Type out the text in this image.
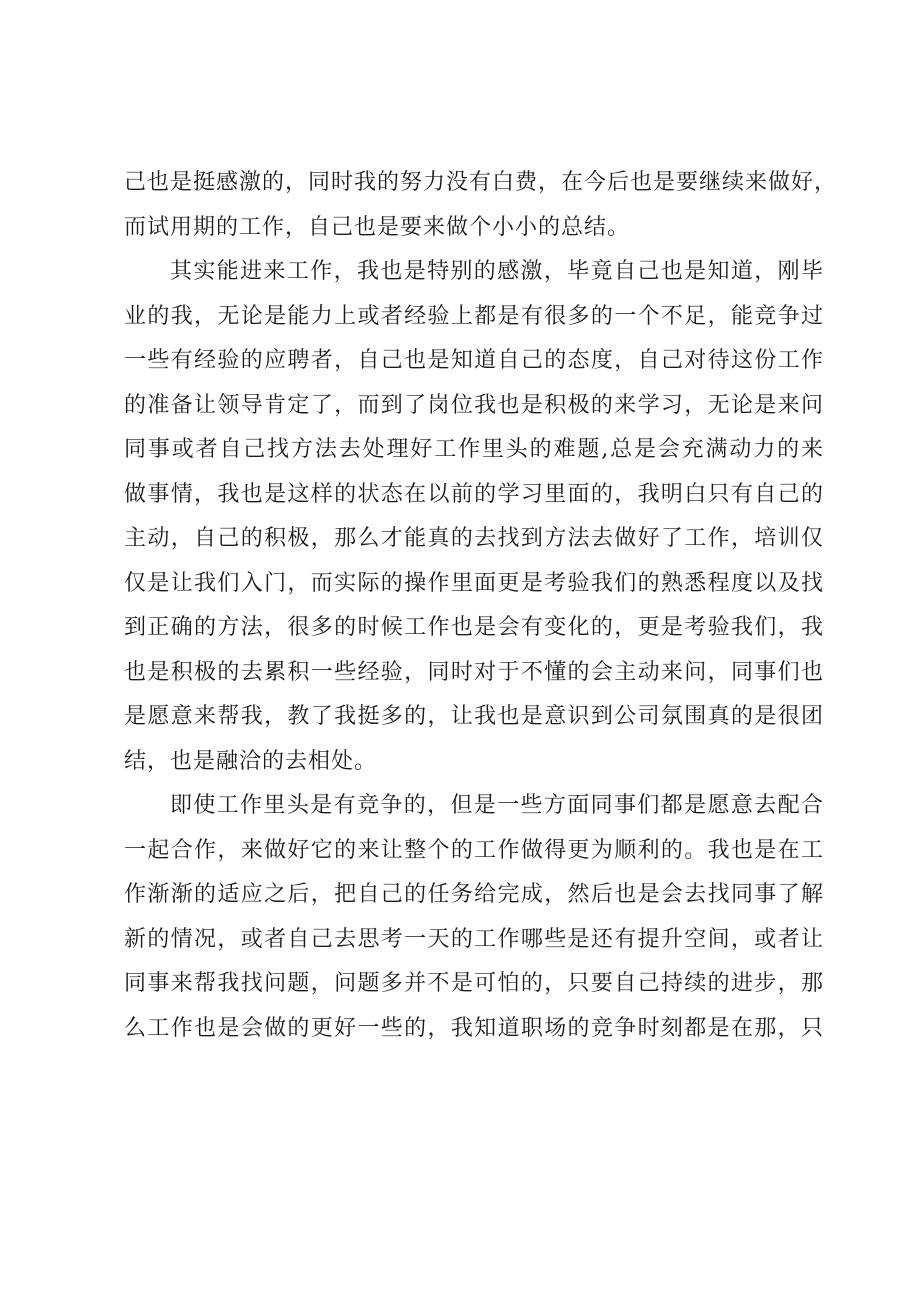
己也是挺感激的，同时我的努力没有白费，在今后也是要继续来做好，
而试用期的工作，自己也是要来做个小小的总结。
其实能进来工作，我也是特别的感激，毕竟自己也是知道，刚毕
业的我，无论是能力上或者经验上都是有很多的一个不足，能竞争过
一些有经验的应聘者，自己也是知道自己的态度，自己对待这份工作
的准备让领导肯定了，而到了岗位我也是积极的来学习，无论是来问
同事或者自己找方法去处理好工作里头的难题,总是会充满动力的来
做事情，我也是这样的状态在以前的学习里面的，我明白只有自己的
主动，自己的积极，那么才能真的去找到方法去做好了工作，培训仅
仅是让我们入门，而实际的操作里面更是考验我们的熟悉程度以及找
到正确的方法，很多的时候工作也是会有变化的，更是考验我们，我
也是积极的去累积一些经验，同时对于不懂的会主动来问，同事们也
是愿意来帮我，教了我挺多的，让我也是意识到公司氛围真的是很团
结，也是融洽的去相处。
即使工作里头是有竞争的，但是一些方面同事们都是愿意去配合
一起合作，来做好它的来让整个的工作做得更为顺利的。我也是在工
作渐渐的适应之后，把自己的任务给完成，然后也是会去找同事了解
新的情况，或者自己去思考一天的工作哪些是还有提升空间，或者让
同事来帮我找问题，问题多并不是可怕的，只要自己持续的进步，那
么工作也是会做的更好一些的，我知道职场的竞争时刻都是在那，只
